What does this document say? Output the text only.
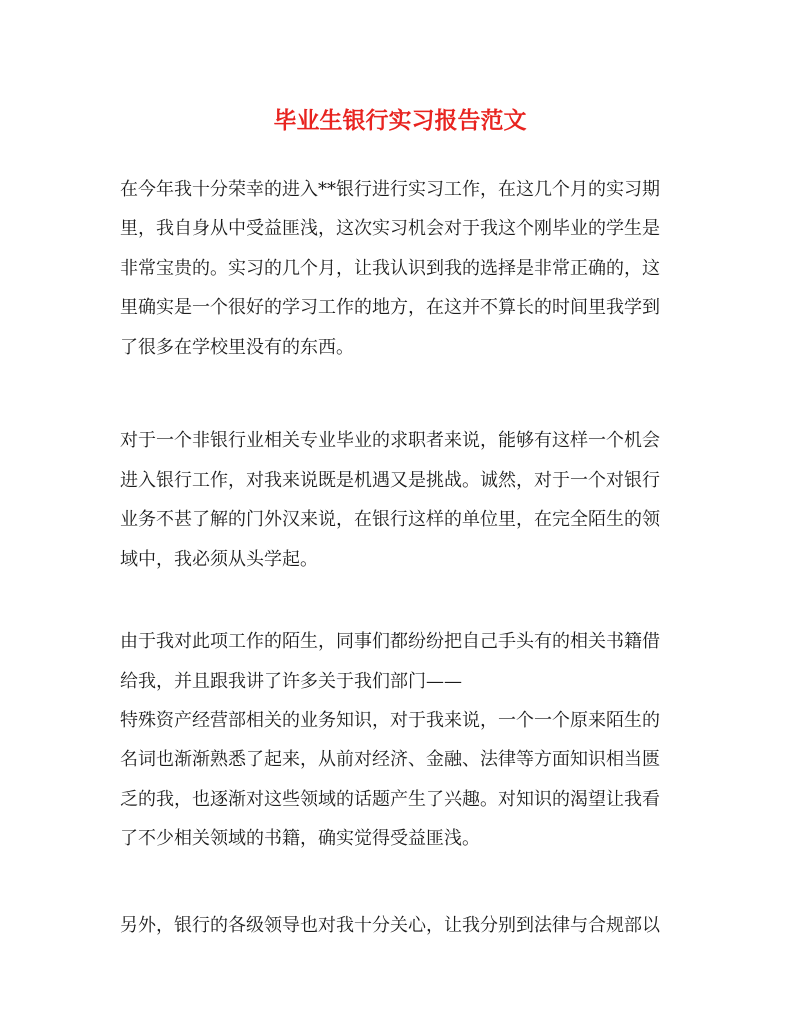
毕业生银行实习报告范文

在今年我十分荣幸的进入**银行进行实习工作，在这几个月的实习期

里，我自身从中受益匪浅，这次实习机会对于我这个刚毕业的学生是

非常宝贵的。实习的几个月，让我认识到我的选择是非常正确的，这

里确实是一个很好的学习工作的地方，在这并不算长的时间里我学到

了很多在学校里没有的东西。

对于一个非银行业相关专业毕业的求职者来说，能够有这样一个机会

进入银行工作，对我来说既是机遇又是挑战。诚然，对于一个对银行

业务不甚了解的门外汉来说，在银行这样的单位里，在完全陌生的领

域中，我必须从头学起。

由于我对此项工作的陌生，同事们都纷纷把自己手头有的相关书籍借

给我，并且跟我讲了许多关于我们部门——

特殊资产经营部相关的业务知识，对于我来说，一个一个原来陌生的

名词也渐渐熟悉了起来，从前对经济、金融、法律等方面知识相当匮

乏的我，也逐渐对这些领域的话题产生了兴趣。对知识的渴望让我看

了不少相关领域的书籍，确实觉得受益匪浅。

另外，银行的各级领导也对我十分关心，让我分别到法律与合规部以
